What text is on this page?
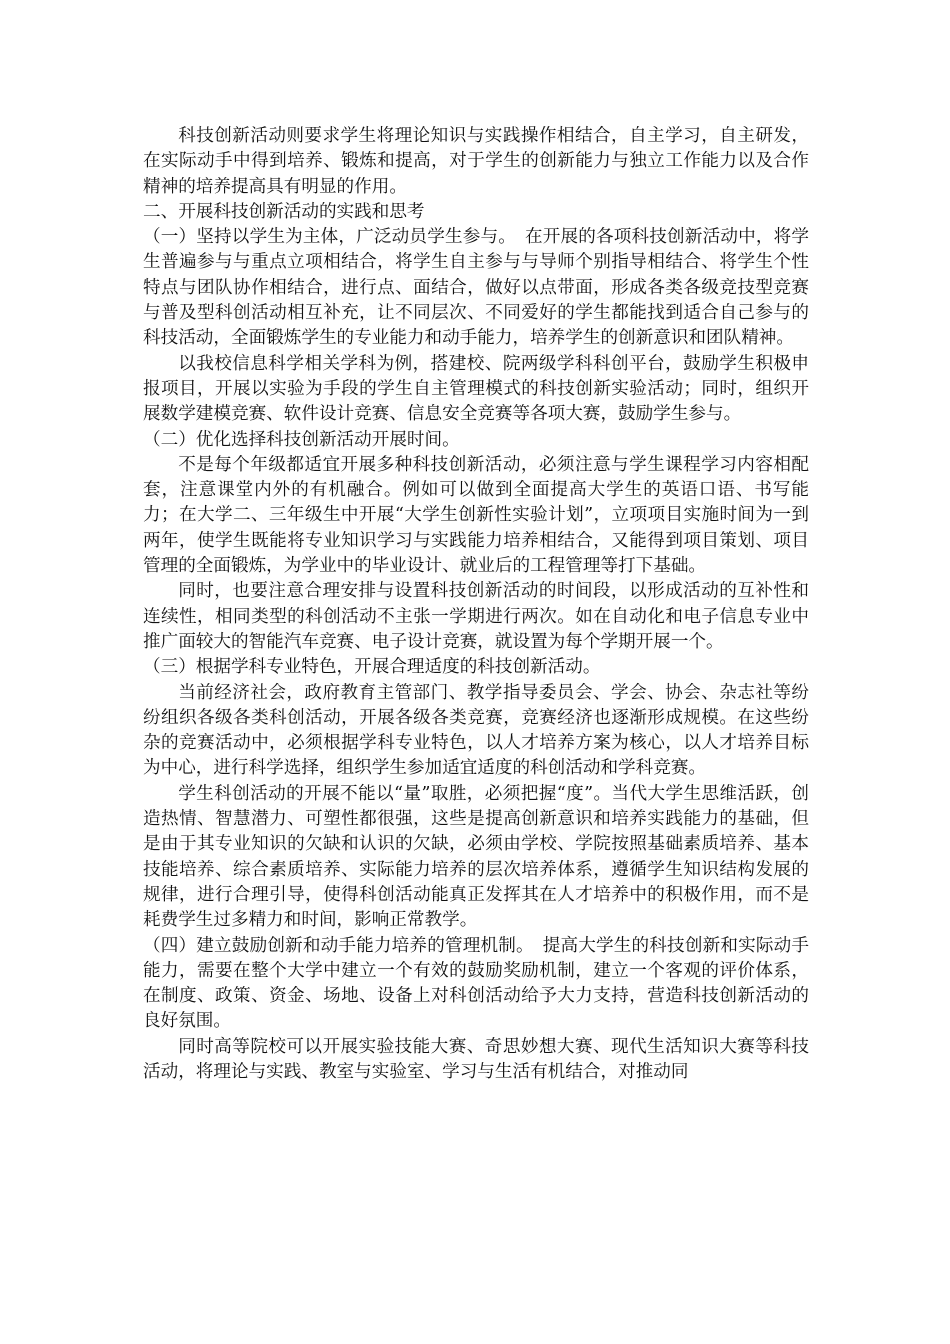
科技创新活动则要求学生将理论知识与实践操作相结合，自主学习，自主研发，在实际动手中得到培养、锻炼和提高，对于学生的创新能力与独立工作能力以及合作精神的培养提高具有明显的作用。

二、开展科技创新活动的实践和思考

（一）坚持以学生为主体，广泛动员学生参与。　在开展的各项科技创新活动中，将学生普遍参与与重点立项相结合，将学生自主参与与导师个别指导相结合、将学生个性特点与团队协作相结合，进行点、面结合，做好以点带面，形成各类各级竞技型竞赛与普及型科创活动相互补充，让不同层次、不同爱好的学生都能找到适合自己参与的科技活动，全面锻炼学生的专业能力和动手能力，培养学生的创新意识和团队精神。

以我校信息科学相关学科为例，搭建校、院两级学科科创平台，鼓励学生积极申报项目，开展以实验为手段的学生自主管理模式的科技创新实验活动；同时，组织开展数学建模竞赛、软件设计竞赛、信息安全竞赛等各项大赛，鼓励学生参与。

（二）优化选择科技创新活动开展时间。

不是每个年级都适宜开展多种科技创新活动，必须注意与学生课程学习内容相配套，注意课堂内外的有机融合。例如可以做到全面提高大学生的英语口语、书写能力；在大学二、三年级生中开展“大学生创新性实验计划”，立项项目实施时间为一到两年，使学生既能将专业知识学习与实践能力培养相结合，又能得到项目策划、项目管理的全面锻炼，为学业中的毕业设计、就业后的工程管理等打下基础。

同时，也要注意合理安排与设置科技创新活动的时间段，以形成活动的互补性和连续性，相同类型的科创活动不主张一学期进行两次。如在自动化和电子信息专业中推广面较大的智能汽车竞赛、电子设计竞赛，就设置为每个学期开展一个。

（三）根据学科专业特色，开展合理适度的科技创新活动。

当前经济社会，政府教育主管部门、教学指导委员会、学会、协会、杂志社等纷纷组织各级各类科创活动，开展各级各类竞赛，竞赛经济也逐渐形成规模。在这些纷杂的竞赛活动中，必须根据学科专业特色，以人才培养方案为核心，以人才培养目标为中心，进行科学选择，组织学生参加适宜适度的科创活动和学科竞赛。

学生科创活动的开展不能以“量”取胜，必须把握“度”。当代大学生思维活跃，创造热情、智慧潜力、可塑性都很强，这些是提高创新意识和培养实践能力的基础，但是由于其专业知识的欠缺和认识的欠缺，必须由学校、学院按照基础素质培养、基本技能培养、综合素质培养、实际能力培养的层次培养体系，遵循学生知识结构发展的规律，进行合理引导，使得科创活动能真正发挥其在人才培养中的积极作用，而不是耗费学生过多精力和时间，影响正常教学。

（四）建立鼓励创新和动手能力培养的管理机制。　提高大学生的科技创新和实际动手能力，需要在整个大学中建立一个有效的鼓励奖励机制，建立一个客观的评价体系，在制度、政策、资金、场地、设备上对科创活动给予大力支持，营造科技创新活动的良好氛围。

同时高等院校可以开展实验技能大赛、奇思妙想大赛、现代生活知识大赛等科技活动，将理论与实践、教室与实验室、学习与生活有机结合，对推动同
